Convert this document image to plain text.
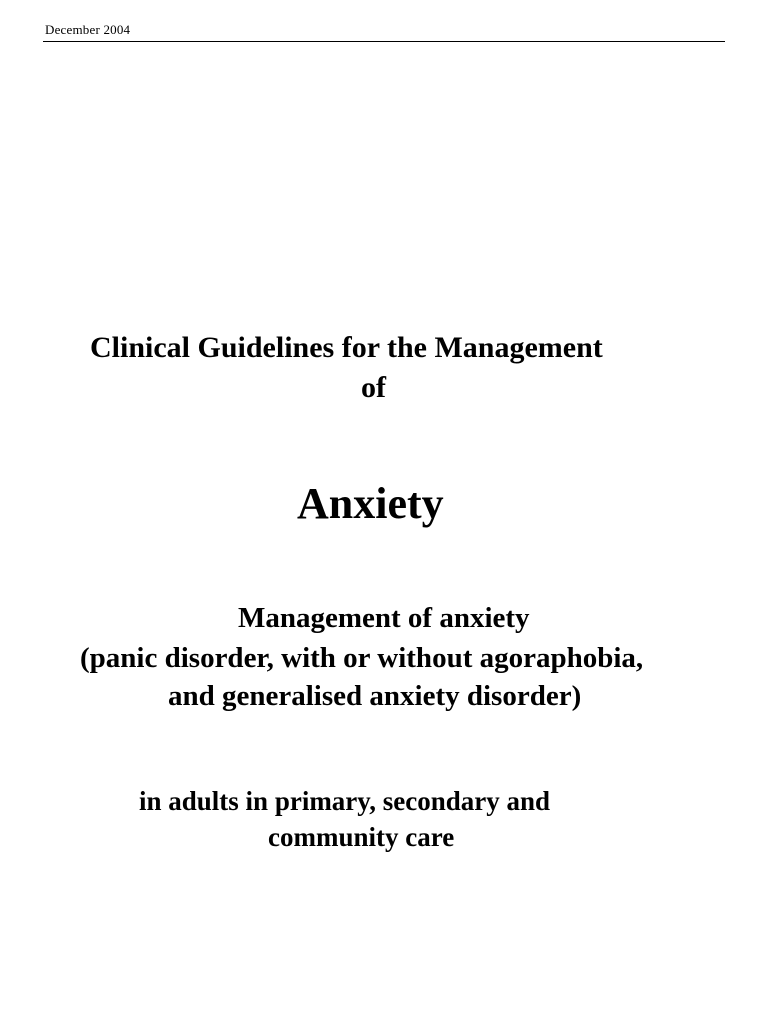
December 2004
Clinical Guidelines for the Management
of
Anxiety
Management of anxiety
(panic disorder, with or without agoraphobia,
and generalised anxiety disorder)
in adults in primary, secondary and
community care
